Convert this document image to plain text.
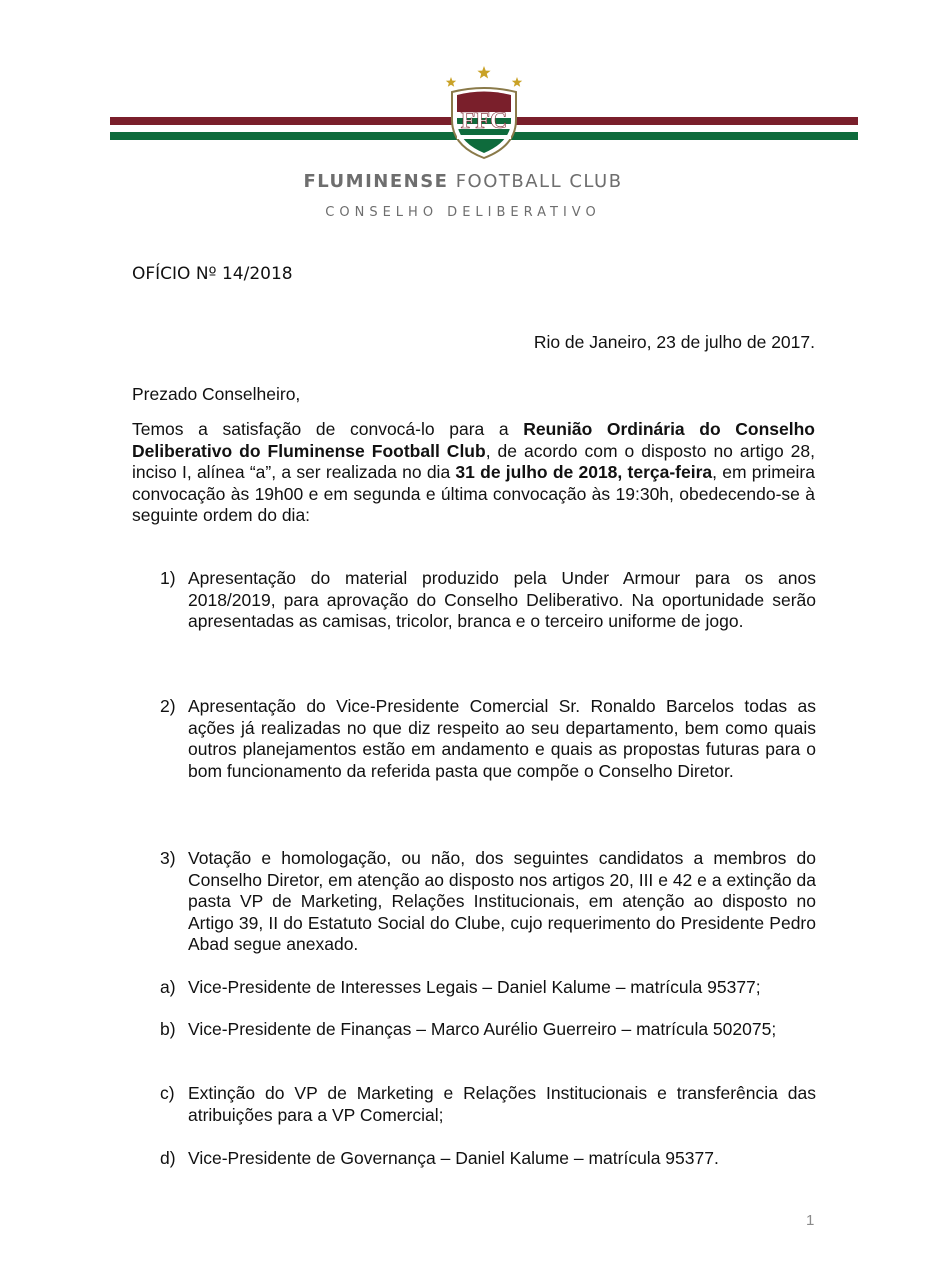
FFC
FLUMINENSE FOOTBALL CLUB
CONSELHO DELIBERATIVO
OFÍCIO Nº 14/2018
Rio de Janeiro, 23 de julho de 2017.
Prezado Conselheiro,
Temos a satisfação de convocá-lo para a Reunião Ordinária do Conselho Deliberativo do Fluminense Football Club, de acordo com o disposto no artigo 28, inciso I, alínea “a”, a ser realizada no dia 31 de julho de 2018, terça-feira, em primeira convocação às 19h00 e em segunda e última convocação às 19:30h, obedecendo-se à seguinte ordem do dia:
1) Apresentação do material produzido pela Under Armour para os anos 2018/2019, para aprovação do Conselho Deliberativo. Na oportunidade serão apresentadas as camisas, tricolor, branca e o terceiro uniforme de jogo.
2) Apresentação do Vice-Presidente Comercial Sr. Ronaldo Barcelos todas as ações já realizadas no que diz respeito ao seu departamento, bem como quais outros planejamentos estão em andamento e quais as propostas futuras para o bom funcionamento da referida pasta que compõe o Conselho Diretor.
3) Votação e homologação, ou não, dos seguintes candidatos a membros do Conselho Diretor, em atenção ao disposto nos artigos 20, III e 42 e a extinção da pasta VP de Marketing, Relações Institucionais, em atenção ao disposto no Artigo 39, II do Estatuto Social do Clube, cujo requerimento do Presidente Pedro Abad segue anexado.
a) Vice-Presidente de Interesses Legais – Daniel Kalume – matrícula 95377;
b) Vice-Presidente de Finanças – Marco Aurélio Guerreiro – matrícula 502075;
c) Extinção do VP de Marketing e Relações Institucionais e transferência das atribuições para a VP Comercial;
d) Vice-Presidente de Governança – Daniel Kalume – matrícula 95377.
1
